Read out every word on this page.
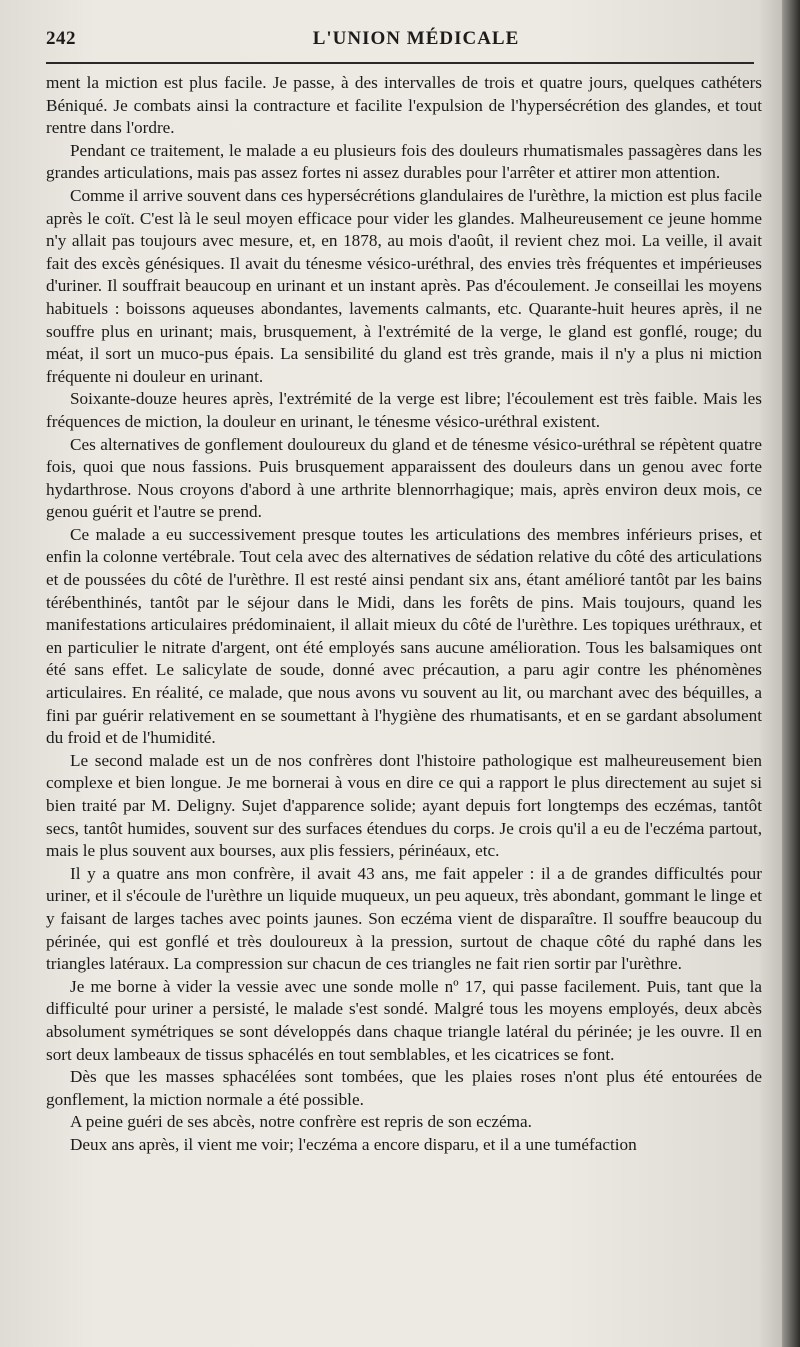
242	L'UNION MÉDICALE

ment la miction est plus facile. Je passe, à des intervalles de trois et quatre jours, quelques cathéters Béniqué. Je combats ainsi la contracture et facilite l'expulsion de l'hypersécrétion des glandes, et tout rentre dans l'ordre.

Pendant ce traitement, le malade a eu plusieurs fois des douleurs rhumatismales passagères dans les grandes articulations, mais pas assez fortes ni assez durables pour l'arrêter et attirer mon attention.

Comme il arrive souvent dans ces hypersécrétions glandulaires de l'urèthre, la miction est plus facile après le coït. C'est là le seul moyen efficace pour vider les glandes. Malheureusement ce jeune homme n'y allait pas toujours avec mesure, et, en 1878, au mois d'août, il revient chez moi. La veille, il avait fait des excès génésiques. Il avait du ténesme vésico-uréthral, des envies très fréquentes et impérieuses d'uriner. Il souffrait beaucoup en urinant et un instant après. Pas d'écoulement. Je conseillai les moyens habituels : boissons aqueuses abondantes, lavements calmants, etc. Quarante-huit heures après, il ne souffre plus en urinant; mais, brusquement, à l'extrémité de la verge, le gland est gonflé, rouge; du méat, il sort un muco-pus épais. La sensibilité du gland est très grande, mais il n'y a plus ni miction fréquente ni douleur en urinant.

Soixante-douze heures après, l'extrémité de la verge est libre; l'écoulement est très faible. Mais les fréquences de miction, la douleur en urinant, le ténesme vésico-uréthral existent.

Ces alternatives de gonflement douloureux du gland et de ténesme vésico-uréthral se répètent quatre fois, quoi que nous fassions. Puis brusquement apparaissent des douleurs dans un genou avec forte hydarthrose. Nous croyons d'abord à une arthrite blennorrhagique; mais, après environ deux mois, ce genou guérit et l'autre se prend.

Ce malade a eu successivement presque toutes les articulations des membres inférieurs prises, et enfin la colonne vertébrale. Tout cela avec des alternatives de sédation relative du côté des articulations et de poussées du côté de l'urèthre. Il est resté ainsi pendant six ans, étant amélioré tantôt par les bains térébenthinés, tantôt par le séjour dans le Midi, dans les forêts de pins. Mais toujours, quand les manifestations articulaires prédominaient, il allait mieux du côté de l'urèthre. Les topiques uréthraux, et en particulier le nitrate d'argent, ont été employés sans aucune amélioration. Tous les balsamiques ont été sans effet. Le salicylate de soude, donné avec précaution, a paru agir contre les phénomènes articulaires. En réalité, ce malade, que nous avons vu souvent au lit, ou marchant avec des béquilles, a fini par guérir relativement en se soumettant à l'hygiène des rhumatisants, et en se gardant absolument du froid et de l'humidité.

Le second malade est un de nos confrères dont l'histoire pathologique est malheureusement bien complexe et bien longue. Je me bornerai à vous en dire ce qui a rapport le plus directement au sujet si bien traité par M. Deligny. Sujet d'apparence solide; ayant depuis fort longtemps des eczémas, tantôt secs, tantôt humides, souvent sur des surfaces étendues du corps. Je crois qu'il a eu de l'eczéma partout, mais le plus souvent aux bourses, aux plis fessiers, périnéaux, etc.

Il y a quatre ans mon confrère, il avait 43 ans, me fait appeler : il a de grandes difficultés pour uriner, et il s'écoule de l'urèthre un liquide muqueux, un peu aqueux, très abondant, gommant le linge et y faisant de larges taches avec points jaunes. Son eczéma vient de disparaître. Il souffre beaucoup du périnée, qui est gonflé et très douloureux à la pression, surtout de chaque côté du raphé dans les triangles latéraux. La compression sur chacun de ces triangles ne fait rien sortir par l'urèthre.

Je me borne à vider la vessie avec une sonde molle nº 17, qui passe facilement. Puis, tant que la difficulté pour uriner a persisté, le malade s'est sondé. Malgré tous les moyens employés, deux abcès absolument symétriques se sont développés dans chaque triangle latéral du périnée; je les ouvre. Il en sort deux lambeaux de tissus sphacélés en tout semblables, et les cicatrices se font.

Dès que les masses sphacélées sont tombées, que les plaies roses n'ont plus été entourées de gonflement, la miction normale a été possible.

A peine guéri de ses abcès, notre confrère est repris de son eczéma.

Deux ans après, il vient me voir; l'eczéma a encore disparu, et il a une tuméfaction
